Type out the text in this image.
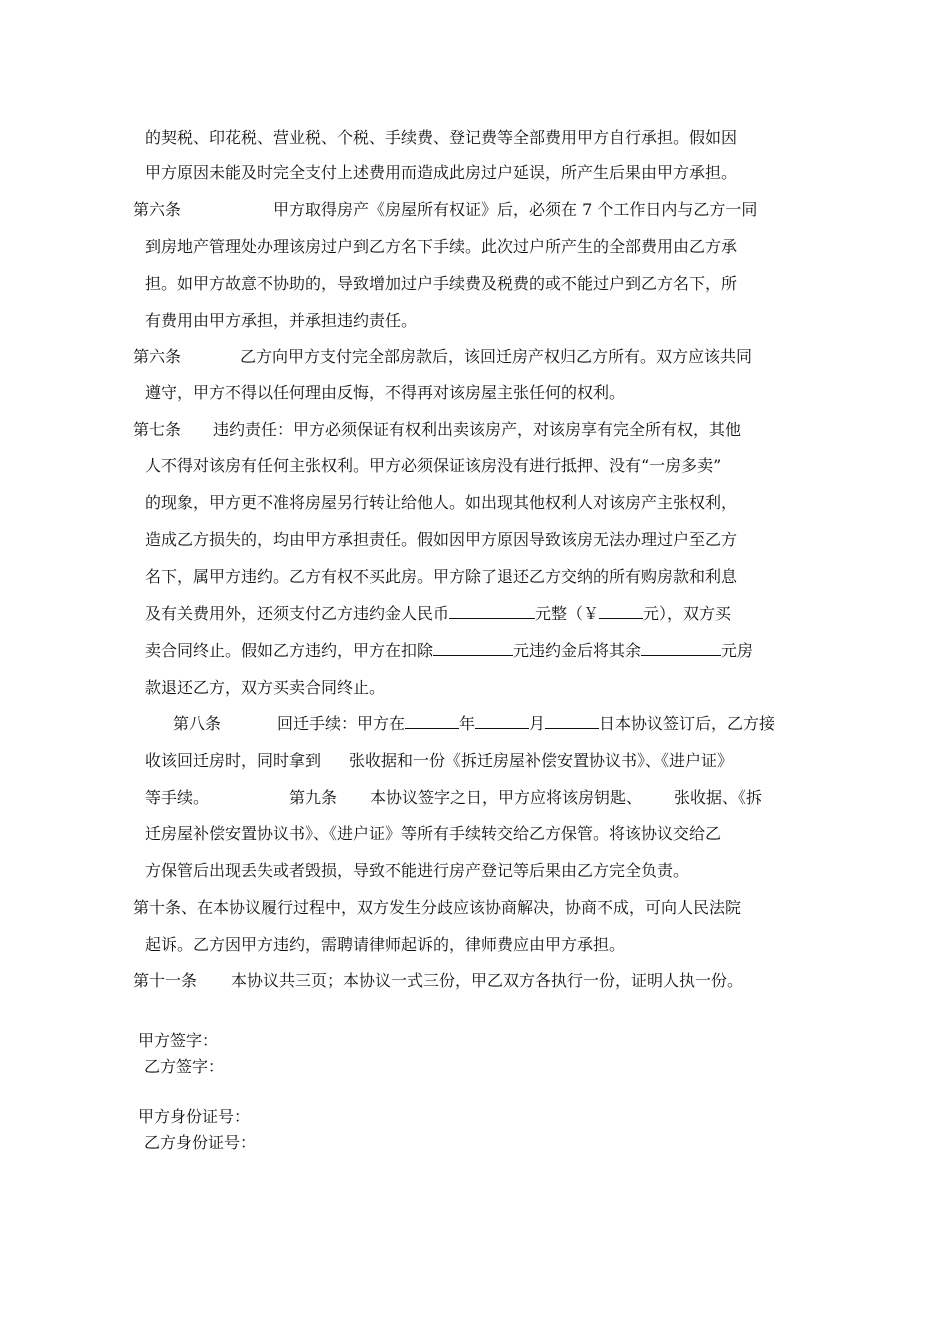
的契税、印花税、营业税、个税、手续费、登记费等全部费用甲方自行承担。假如因
甲方原因未能及时完全支付上述费用而造成此房过户延误，所产生后果由甲方承担。
第六条	甲方取得房产《房屋所有权证》后，必须在 7 个工作日内与乙方一同
到房地产管理处办理该房过户到乙方名下手续。此次过户所产生的全部费用由乙方承
担。如甲方故意不协助的，导致增加过户手续费及税费的或不能过户到乙方名下，所
有费用由甲方承担，并承担违约责任。
第六条	乙方向甲方支付完全部房款后，该回迁房产权归乙方所有。双方应该共同
遵守，甲方不得以任何理由反悔，不得再对该房屋主张任何的权利。
第七条 违约责任：甲方必须保证有权利出卖该房产，对该房享有完全所有权，其他
人不得对该房有任何主张权利。甲方必须保证该房没有进行抵押、没有“一房多卖”
的现象，甲方更不准将房屋另行转让给他人。如出现其他权利人对该房产主张权利，
造成乙方损失的，均由甲方承担责任。假如因甲方原因导致该房无法办理过户至乙方
名下，属甲方违约。乙方有权不买此房。甲方除了退还乙方交纳的所有购房款和利息
及有关费用外，还须支付乙方违约金人民币	元整（￥	元），双方买
卖合同终止。假如乙方违约，甲方在扣除	元违约金后将其余	元房
款退还乙方，双方买卖合同终止。
第八条	回迁手续：甲方在	年	月	日本协议签订后，乙方接
收该回迁房时，同时拿到 张收据和一份《拆迁房屋补偿安置协议书》、《进户证》
等手续。	第九条 本协议签字之日，甲方应将该房钥匙、 张收据、《拆
迁房屋补偿安置协议书》、《进户证》等所有手续转交给乙方保管。将该协议交给乙
方保管后出现丢失或者毁损，导致不能进行房产登记等后果由乙方完全负责。
第十条、在本协议履行过程中，双方发生分歧应该协商解决，协商不成，可向人民法院
起诉。乙方因甲方违约，需聘请律师起诉的，律师费应由甲方承担。
第十一条 本协议共三页；本协议一式三份，甲乙双方各执行一份，证明人执一份。
甲方签字：
乙方签字：
甲方身份证号：
乙方身份证号：
